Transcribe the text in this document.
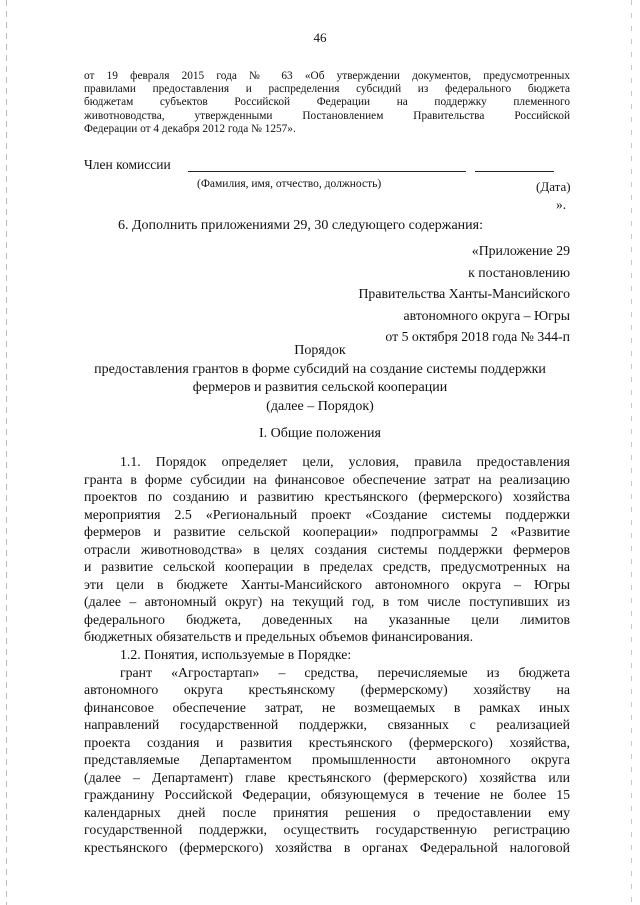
46
от 19 февраля 2015 года № 63 «Об утверждении документов, предусмотренных
правилами предоставления и распределения субсидий из федерального бюджета
бюджетам субъектов Российской Федерации на поддержку племенного
животноводства, утвержденными Постановлением Правительства Российской
Федерации от 4 декабря 2012 года № 1257».
Член комиссии
(Фамилия, имя, отчество, должность)	(Дата)
».
6. Дополнить приложениями 29, 30 следующего содержания:
«Приложение 29
к постановлению
Правительства Ханты-Мансийского
автономного округа – Югры
от 5 октября 2018 года № 344-п
Порядок
предоставления грантов в форме субсидий на создание системы поддержки
фермеров и развития сельской кооперации
(далее – Порядок)
I. Общие положения
1.1. Порядок определяет цели, условия, правила предоставления
гранта в форме субсидии на финансовое обеспечение затрат на реализацию
проектов по созданию и развитию крестьянского (фермерского) хозяйства
мероприятия 2.5 «Региональный проект «Создание системы поддержки
фермеров и развитие сельской кооперации» подпрограммы 2 «Развитие
отрасли животноводства» в целях создания системы поддержки фермеров
и развитие сельской кооперации в пределах средств, предусмотренных на
эти цели в бюджете Ханты-Мансийского автономного округа – Югры
(далее – автономный округ) на текущий год, в том числе поступивших из
федерального бюджета, доведенных на указанные цели лимитов
бюджетных обязательств и предельных объемов финансирования.
1.2. Понятия, используемые в Порядке:
грант «Агростартап» – средства, перечисляемые из бюджета
автономного округа крестьянскому (фермерскому) хозяйству на
финансовое обеспечение затрат, не возмещаемых в рамках иных
направлений государственной поддержки, связанных с реализацией
проекта создания и развития крестьянского (фермерского) хозяйства,
представляемые Департаментом промышленности автономного округа
(далее – Департамент) главе крестьянского (фермерского) хозяйства или
гражданину Российской Федерации, обязующемуся в течение не более 15
календарных дней после принятия решения о предоставлении ему
государственной поддержки, осуществить государственную регистрацию
крестьянского (фермерского) хозяйства в органах Федеральной налоговой
